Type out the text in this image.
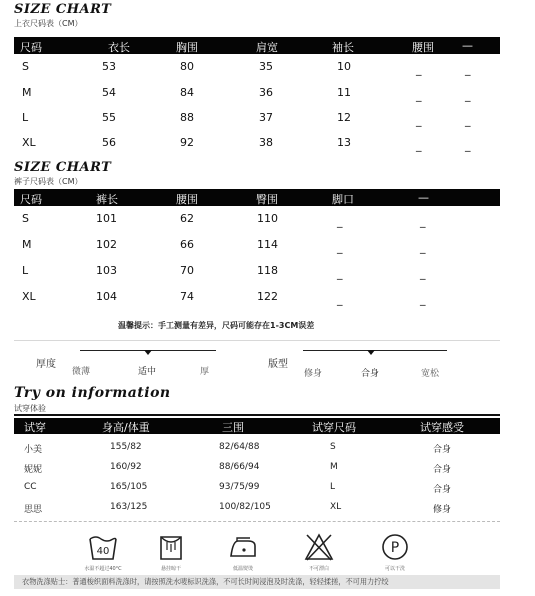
SIZE CHART
上衣尺码表（CM）
尺码	衣长	胸围	肩宽	袖长	腰围	—
S	53	80	35	10	_	_
M	54	84	36	11	_	_
L	55	88	37	12	_	_
XL	56	92	38	13	_	_
SIZE CHART
裤子尺码表（CM）
尺码	裤长	腰围	臀围	脚口	—
S	101	62	110	_	_
M	102	66	114	_	_
L	103	70	118	_	_
XL	104	74	122	_	_
温馨提示：手工测量有差异，尺码可能存在1-3CM误差
厚度
微薄	适中	厚
版型
修身	合身	宽松
Try on information
试穿体验
试穿	身高/体重	三围	试穿尺码	试穿感受
小美	155/82	82/64/88	S	合身
妮妮	160/92	88/66/94	M	合身
CC	165/105	93/75/99	L	合身
思思	163/125	100/82/105	XL	修身
40
水温不超过40°C	悬挂晾干	低温熨烫	不可漂白
P
可以干洗
衣物洗涤贴士：普通梭织面料洗涤时，请按照洗水唛标识洗涤，不可长时间浸泡及时洗涤，轻轻揉搓，不可用力拧绞
